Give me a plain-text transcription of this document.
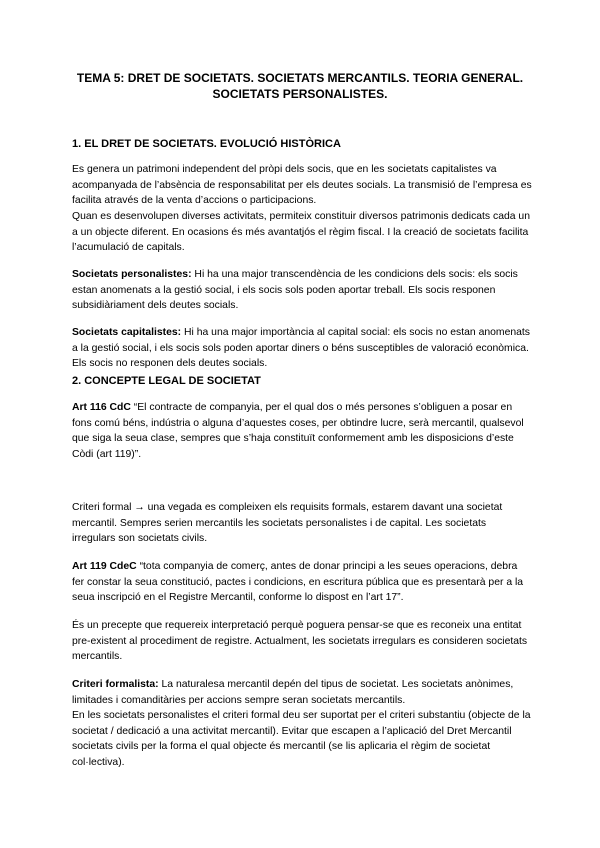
TEMA 5: DRET DE SOCIETATS. SOCIETATS MERCANTILS. TEORIA GENERAL.
SOCIETATS PERSONALISTES.
1. EL DRET DE SOCIETATS. EVOLUCIÓ HISTÒRICA

Es genera un patrimoni independent del pròpi dels socis, que en les societats capitalistes va acompanyada de l’absència de responsabilitat per els deutes socials. La transmisió de l’empresa es facilita através de la venta d’accions o participacions.

Quan es desenvolupen diverses activitats, permiteix constituir diversos patrimonis dedicats cada un a un objecte diferent. En ocasions és més avantatjós el règim fiscal. I la creació de societats facilita l’acumulació de capitals.

Societats personalistes: Hi ha una major transcendència de les condicions dels socis: els socis estan anomenats a la gestió social, i els socis sols poden aportar treball. Els socis responen subsidiàriament dels deutes socials.

Societats capitalistes: Hi ha una major importància al capital social: els socis no estan anomenats a la gestió social, i els socis sols poden aportar diners o béns susceptibles de valoració econòmica. Els socis no responen dels deutes socials.

2. CONCEPTE LEGAL DE SOCIETAT

Art 116 CdC “El contracte de companyia, per el qual dos o més persones s’obliguen a posar en fons comú béns, indústria o alguna d’aquestes coses, per obtindre lucre, serà mercantil, qualsevol que siga la seua clase, sempres que s’haja constituït conformement amb les disposicions d’este Còdi (art 119)”.

Criteri formal → una vegada es compleixen els requisits formals, estarem davant una societat mercantil. Sempres serien mercantils les societats personalistes i de capital. Les societats irregulars son societats civils.

Art 119 CdeC “tota companyia de comerç, antes de donar principi a les seues operacions, debra fer constar la seua constitució, pactes i condicions, en escritura pública que es presentarà per a la seua inscripció en el Registre Mercantil, conforme lo dispost en l’art 17”.

És un precepte que requereix interpretació perquè poguera pensar-se que es reconeix una entitat pre-existent al procediment de registre. Actualment, les societats irregulars es consideren societats mercantils.

Criteri formalista: La naturalesa mercantil depén del tipus de societat. Les societats anònimes, limitades i comanditàries per accions sempre seran societats mercantils.

En les societats personalistes el criteri formal deu ser suportat per el criteri substantiu (objecte de la societat / dedicació a una activitat mercantil). Evitar que escapen a l’aplicació del Dret Mercantil societats civils per la forma el qual objecte és mercantil (se lis aplicaria el règim de societat col·lectiva).
